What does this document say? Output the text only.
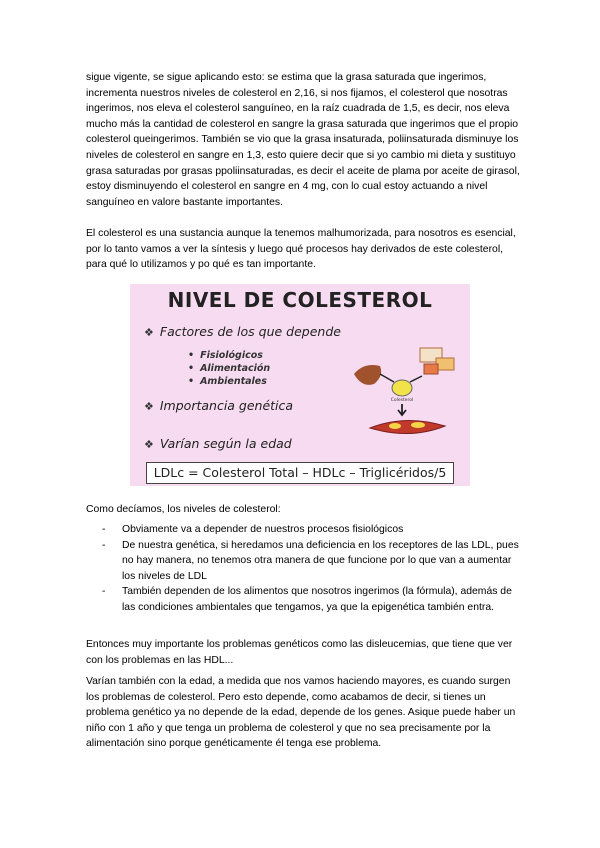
sigue vigente, se sigue aplicando esto: se estima que la grasa saturada que ingerimos, incrementa nuestros niveles de colesterol en 2,16, si nos fijamos, el colesterol que nosotras ingerimos, nos eleva el colesterol sanguíneo, en la raíz cuadrada de 1,5, es decir, nos eleva mucho más la cantidad de colesterol en sangre la grasa saturada que ingerimos que el propio colesterol queingerimos. También se vio que la grasa insaturada, poliinsaturada disminuye los niveles de colesterol en sangre en 1,3, esto quiere decir que si yo cambio mi dieta y sustituyo grasa saturadas por grasas ppoliinsaturadas, es decir el aceite de plama por aceite de girasol, estoy disminuyendo el colesterol en sangre en 4 mg, con lo cual estoy actuando a nivel sanguíneo en valore bastante importantes.

El colesterol es una sustancia aunque la tenemos malhumorizada, para nosotros es esencial, por lo tanto vamos a ver la síntesis y luego qué procesos hay derivados de este colesterol, para qué lo utilizamos y po qué es tan importante.

NIVEL DE COLESTEROL
❖ Factores de los que depende
• Fisiológicos
• Alimentación
• Ambientales
❖ Importancia genética
❖ Varían según la edad
Colesterol
LDLc = Colesterol Total – HDLc – Triglicéridos/5

Como decíamos, los niveles de colesterol:

- Obviamente va a depender de nuestros procesos fisiológicos
- De nuestra genética, si heredamos una deficiencia en los receptores de las LDL, pues no hay manera, no tenemos otra manera de que funcione por lo que van a aumentar los niveles de LDL
- También dependen de los alimentos que nosotros ingerimos (la fórmula), además de las condiciones ambientales que tengamos, ya que la epigenética también entra.

Entonces muy importante los problemas genéticos como las disleucemias, que tiene que ver con los problemas en las HDL...

Varían también con la edad, a medida que nos vamos haciendo mayores, es cuando surgen los problemas de colesterol. Pero esto depende, como acabamos de decir, si tienes un problema genético ya no depende de la edad, depende de los genes. Asique puede haber un niño con 1 año y que tenga un problema de colesterol y que no sea precisamente por la alimentación sino porque genéticamente él tenga ese problema.
